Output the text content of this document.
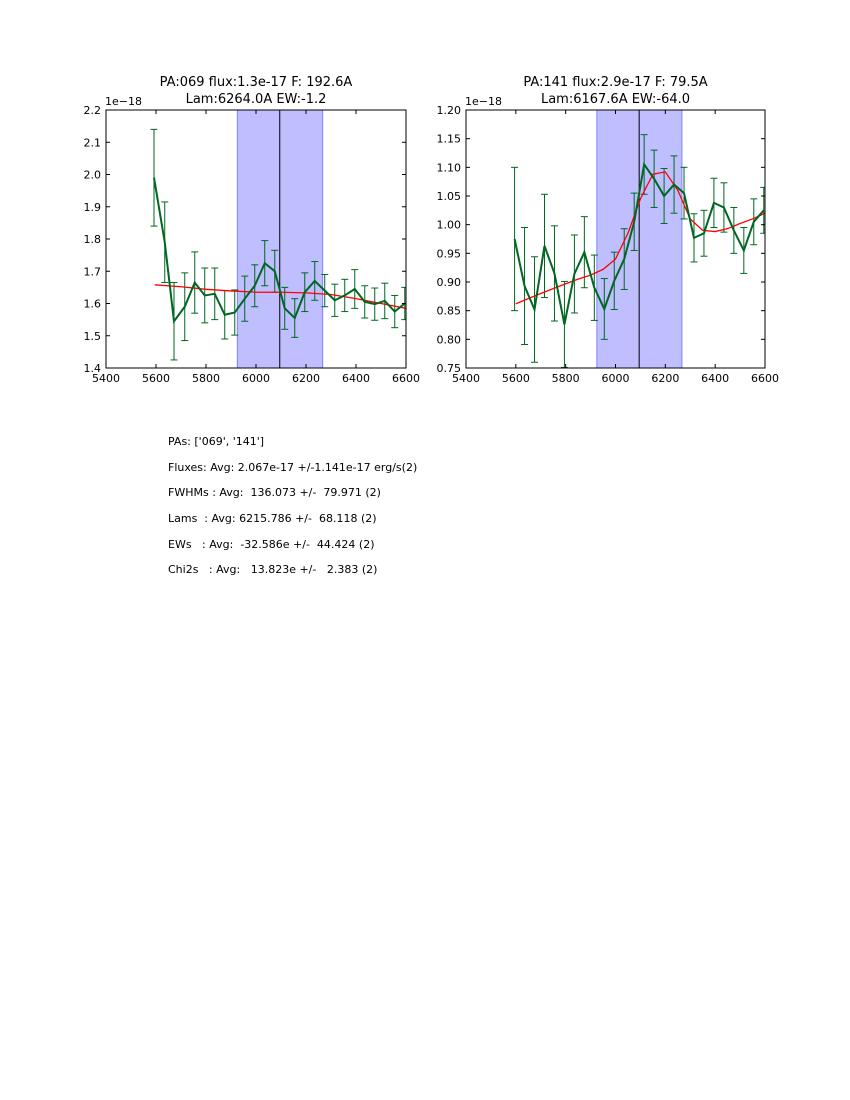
5400 5600 5800 6000 6200 6400 6600
1.4
1.5
1.6
1.7
1.8
1.9
2.0
2.1
2.2
1e−18
PA:069 flux:1.3e-17 F: 192.6A
Lam:6264.0A EW:-1.2
5400 5600 5800 6000 6200 6400 6600
0.75
0.80
0.85
0.90
0.95
1.00
1.05
1.10
1.15
1.20
1e−18
PA:141 flux:2.9e-17 F: 79.5A
Lam:6167.6A EW:-64.0
PAs: ['069', '141']
Fluxes: Avg: 2.067e-17 +/-1.141e-17 erg/s(2)
FWHMs : Avg:  136.073 +/-  79.971 (2)
Lams  : Avg: 6215.786 +/-  68.118 (2)
EWs   : Avg:  -32.586e +/-  44.424 (2)
Chi2s   : Avg:   13.823e +/-   2.383 (2)
